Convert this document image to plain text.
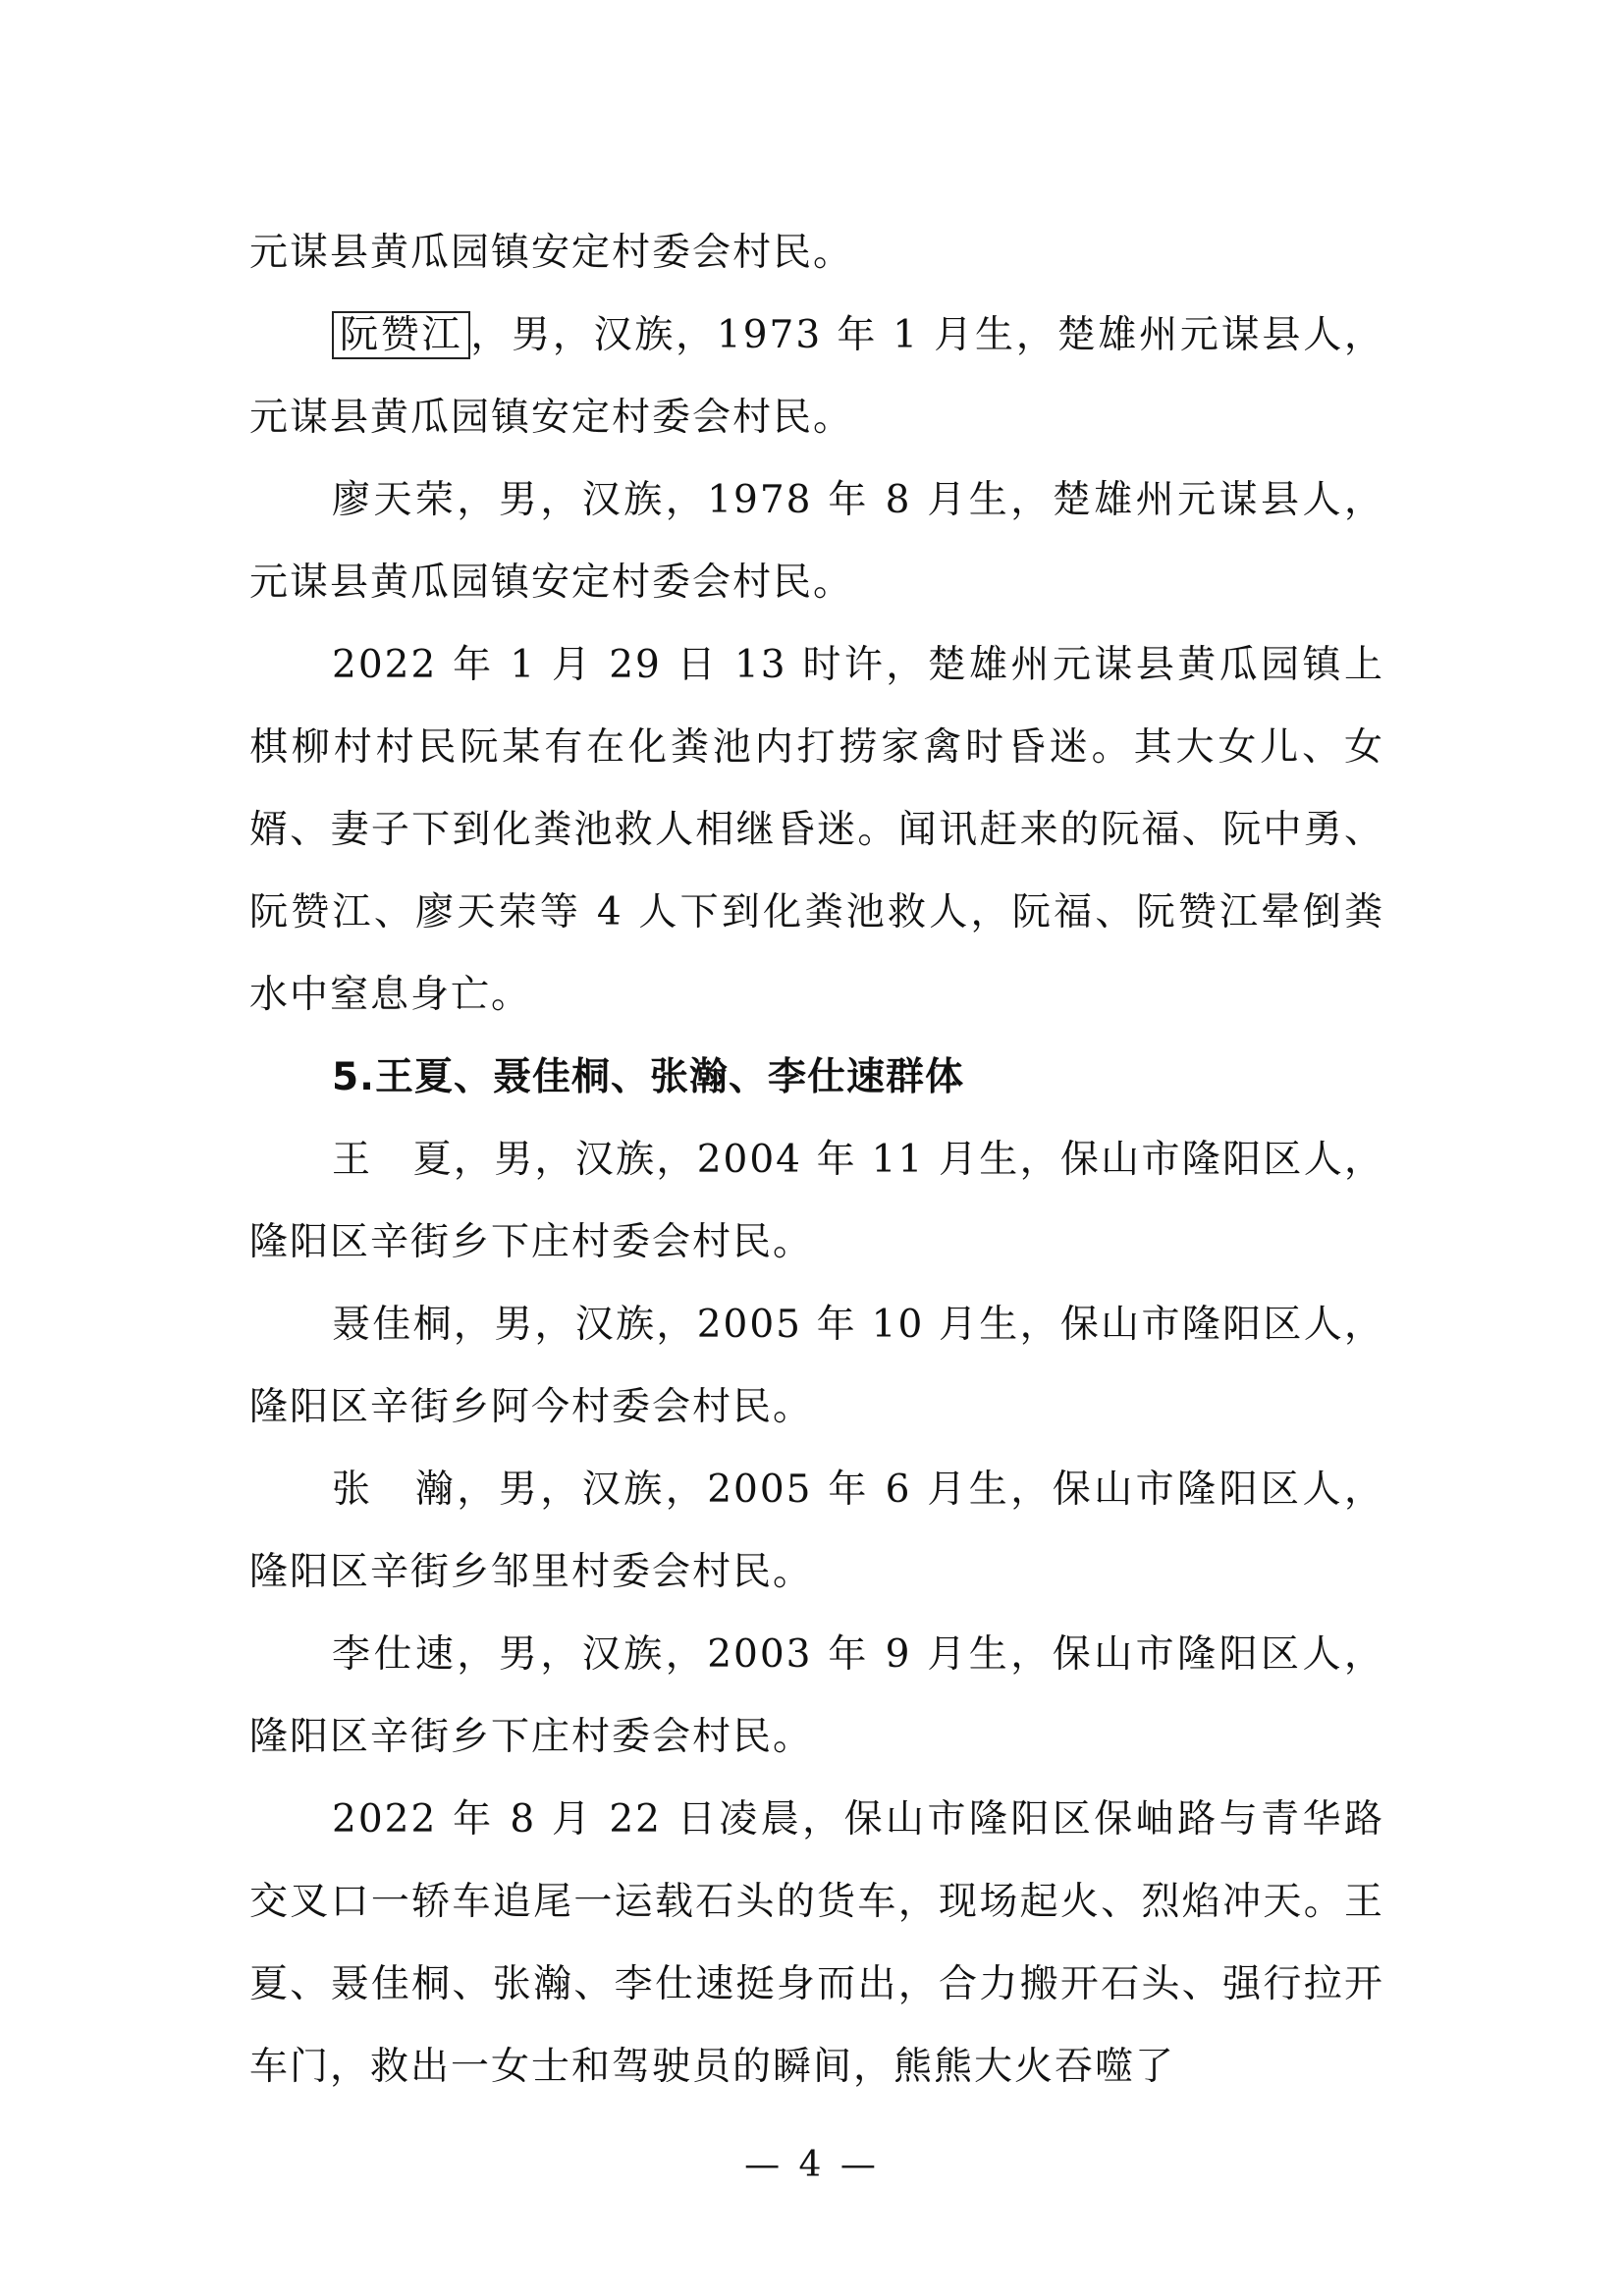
元谋县黄瓜园镇安定村委会村民。

阮赞江 ，男，汉族，1973 年 1 月生，楚雄州元谋县人，元谋县黄瓜园镇安定村委会村民。

廖天荣，男，汉族，1978 年 8 月生，楚雄州元谋县人，元谋县黄瓜园镇安定村委会村民。

2022 年 1 月 29 日 13 时许，楚雄州元谋县黄瓜园镇上棋柳村村民阮某有在化粪池内打捞家禽时昏迷。其大女儿、女婿、妻子下到化粪池救人相继昏迷。闻讯赶来的阮福、阮中勇、阮赞江、廖天荣等 4 人下到化粪池救人，阮福、阮赞江晕倒粪水中窒息身亡。

5.王夏、聂佳桐、张瀚、李仕速群体

王　夏，男，汉族，2004 年 11 月生，保山市隆阳区人，隆阳区辛街乡下庄村委会村民。

聂佳桐，男，汉族，2005 年 10 月生，保山市隆阳区人，隆阳区辛街乡阿今村委会村民。

张　瀚，男，汉族，2005 年 6 月生，保山市隆阳区人，隆阳区辛街乡邹里村委会村民。

李仕速，男，汉族，2003 年 9 月生，保山市隆阳区人，隆阳区辛街乡下庄村委会村民。

2022 年 8 月 22 日凌晨，保山市隆阳区保岫路与青华路交叉口一轿车追尾一运载石头的货车，现场起火、烈焰冲天。王夏、聂佳桐、张瀚、李仕速挺身而出，合力搬开石头、强行拉开车门，救出一女士和驾驶员的瞬间，熊熊大火吞噬了

— 4 —
